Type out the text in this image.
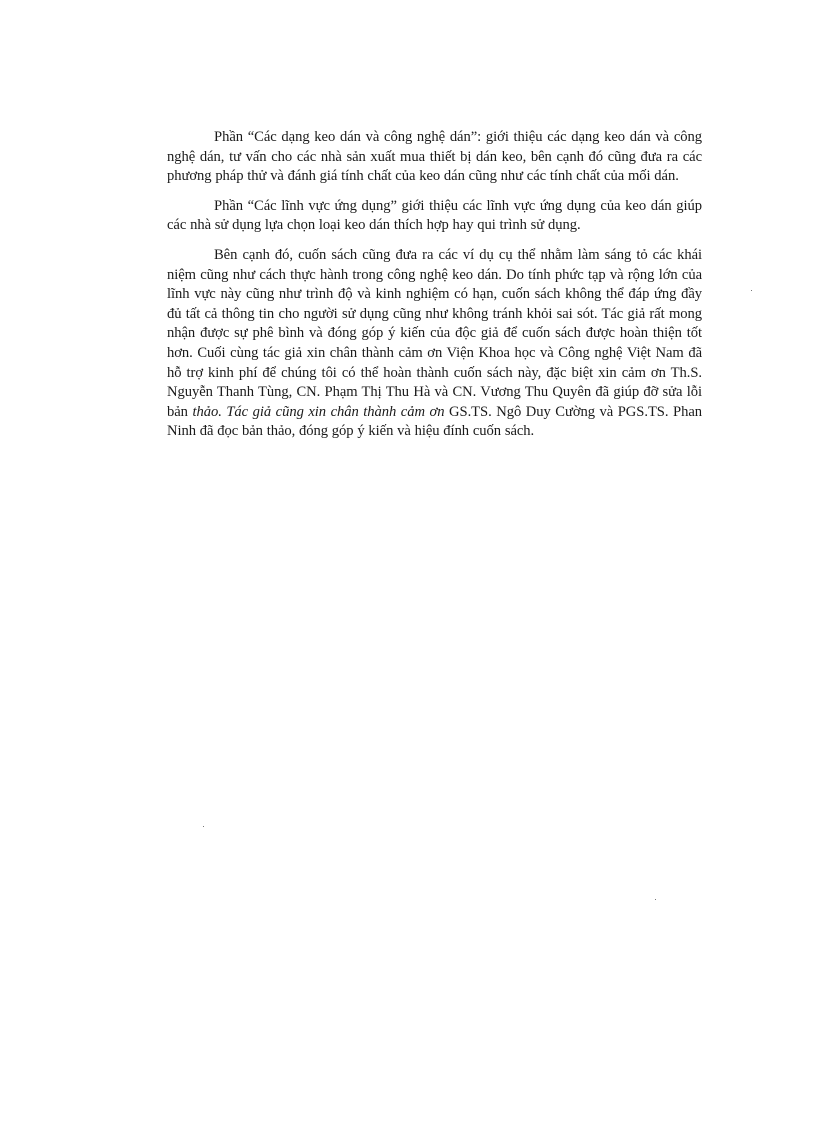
Phần “Các dạng keo dán và công nghệ dán”: giới thiệu các dạng keo dán và công nghệ dán, tư vấn cho các nhà sản xuất mua thiết bị dán keo, bên cạnh đó cũng đưa ra các phương pháp thử và đánh giá tính chất của keo dán cũng như các tính chất của mối dán.

Phần “Các lĩnh vực ứng dụng” giới thiệu các lĩnh vực ứng dụng của keo dán giúp các nhà sử dụng lựa chọn loại keo dán thích hợp hay qui trình sử dụng.

Bên cạnh đó, cuốn sách cũng đưa ra các ví dụ cụ thể nhằm làm sáng tỏ các khái niệm cũng như cách thực hành trong công nghệ keo dán. Do tính phức tạp và rộng lớn của lĩnh vực này cũng như trình độ và kinh nghiệm có hạn, cuốn sách không thể đáp ứng đầy đủ tất cả thông tin cho người sử dụng cũng như không tránh khỏi sai sót. Tác giả rất mong nhận được sự phê bình và đóng góp ý kiến của độc giả để cuốn sách được hoàn thiện tốt hơn. Cuối cùng tác giả xin chân thành cảm ơn Viện Khoa học và Công nghệ Việt Nam đã hỗ trợ kinh phí để chúng tôi có thể hoàn thành cuốn sách này, đặc biệt xin cảm ơn Th.S. Nguyễn Thanh Tùng, CN. Phạm Thị Thu Hà và CN. Vương Thu Quyên đã giúp đỡ sửa lỗi bản thảo. Tác giả cũng xin chân thành cảm ơn GS.TS. Ngô Duy Cường và PGS.TS. Phan Ninh đã đọc bản thảo, đóng góp ý kiến và hiệu đính cuốn sách.
